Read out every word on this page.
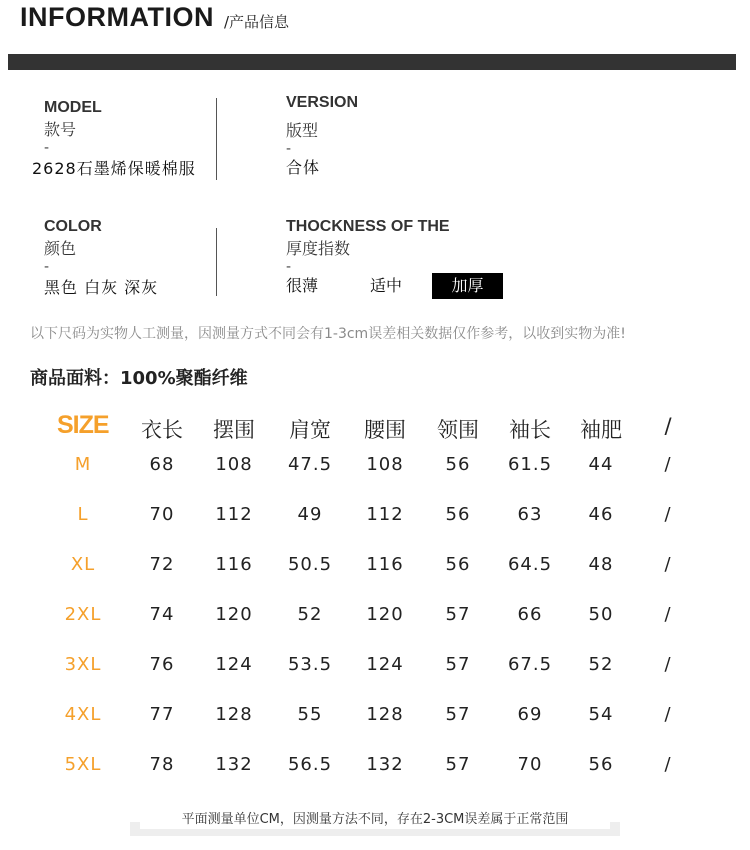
INFORMATION /产品信息
MODEL
款号
-
2628石墨烯保暖棉服
VERSION
版型
-
合体
COLOR
颜色
-
黑色 白灰 深灰
THOCKNESS OF THE
厚度指数
-
很薄	适中	加厚
以下尺码为实物人工测量，因测量方式不同会有1-3cm误差相关数据仅作参考，以收到实物为准!
商品面料：100%聚酯纤维
SIZE	衣长	摆围	肩宽	腰围	领围	袖长	袖肥	/
M	68	108	47.5	108	56	61.5	44	/
L	70	112	49	112	56	63	46	/
XL	72	116	50.5	116	56	64.5	48	/
2XL	74	120	52	120	57	66	50	/
3XL	76	124	53.5	124	57	67.5	52	/
4XL	77	128	55	128	57	69	54	/
5XL	78	132	56.5	132	57	70	56	/
平面测量单位CM，因测量方法不同，存在2-3CM误差属于正常范围
